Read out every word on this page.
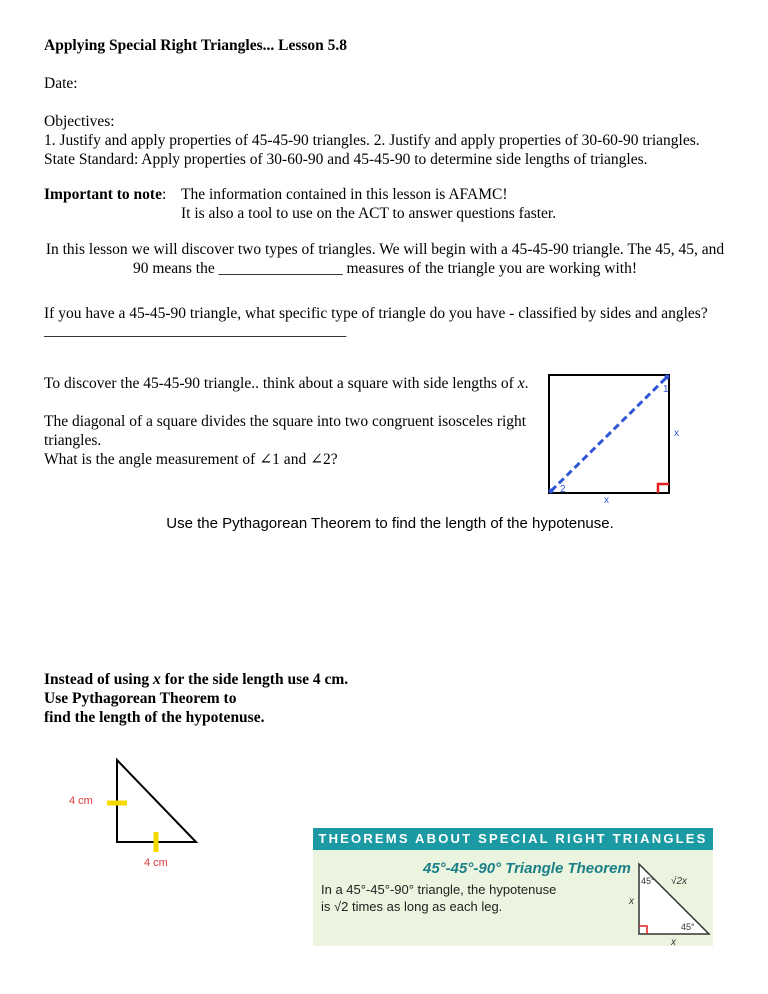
Applying Special Right Triangles... Lesson 5.8
Date:
Objectives:
1. Justify and apply properties of 45-45-90 triangles. 2. Justify and apply properties of 30-60-90 triangles.
State Standard: Apply properties of 30-60-90 and 45-45-90 to determine side lengths of triangles.
Important to note: The information contained in this lesson is AFAMC!
It is also a tool to use on the ACT to answer questions faster.
In this lesson we will discover two types of triangles. We will begin with a 45-45-90 triangle. The 45, 45, and
90 means the ________________ measures of the triangle you are working with!
If you have a 45-45-90 triangle, what specific type of triangle do you have - classified by sides and angles?
_______________________________________
To discover the 45-45-90 triangle.. think about a square with side lengths of x.
The diagonal of a square divides the square into two congruent isosceles right
triangles.
What is the angle measurement of ∠1 and ∠2?
1
2
x
x
Use the Pythagorean Theorem to find the length of the hypotenuse.
Instead of using x for the side length use 4 cm.
Use Pythagorean Theorem to
find the length of the hypotenuse.
4 cm
4 cm
THEOREMS ABOUT SPECIAL RIGHT TRIANGLES
45°-45°-90° Triangle Theorem
In a 45°-45°-90° triangle, the hypotenuse
is √2 times as long as each leg.
45°
45°
√2x
x
x
